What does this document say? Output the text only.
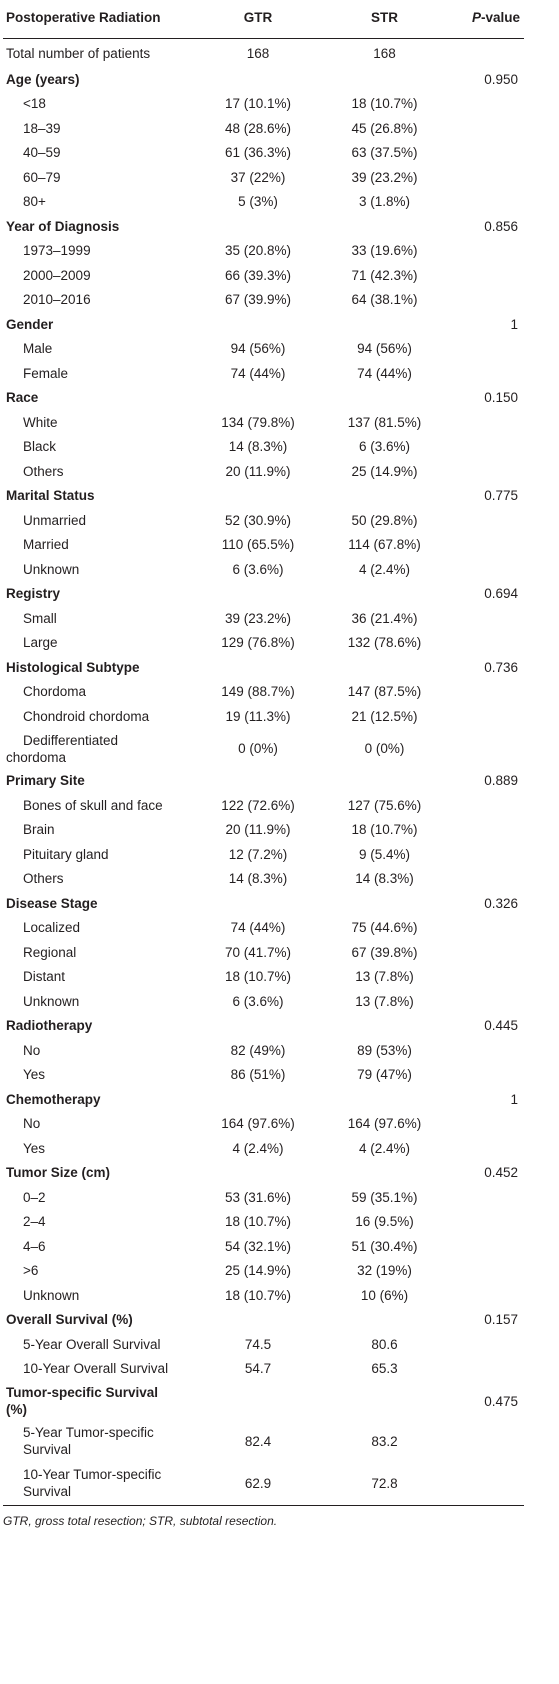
Postoperative Radiation	GTR	STR	P-value
Total number of patients	168	168	
Age (years)			0.950
<18	17 (10.1%)	18 (10.7%)	
18–39	48 (28.6%)	45 (26.8%)	
40–59	61 (36.3%)	63 (37.5%)	
60–79	37 (22%)	39 (23.2%)	
80+	5 (3%)	3 (1.8%)	
Year of Diagnosis			0.856
1973–1999	35 (20.8%)	33 (19.6%)	
2000–2009	66 (39.3%)	71 (42.3%)	
2010–2016	67 (39.9%)	64 (38.1%)	
Gender			1
Male	94 (56%)	94 (56%)	
Female	74 (44%)	74 (44%)	
Race			0.150
White	134 (79.8%)	137 (81.5%)	
Black	14 (8.3%)	6 (3.6%)	
Others	20 (11.9%)	25 (14.9%)	
Marital Status			0.775
Unmarried	52 (30.9%)	50 (29.8%)	
Married	110 (65.5%)	114 (67.8%)	
Unknown	6 (3.6%)	4 (2.4%)	
Registry			0.694
Small	39 (23.2%)	36 (21.4%)	
Large	129 (76.8%)	132 (78.6%)	
Histological Subtype			0.736
Chordoma	149 (88.7%)	147 (87.5%)	
Chondroid chordoma	19 (11.3%)	21 (12.5%)	
Dedifferentiated
chordoma	0 (0%)	0 (0%)	
Primary Site			0.889
Bones of skull and face	122 (72.6%)	127 (75.6%)	
Brain	20 (11.9%)	18 (10.7%)	
Pituitary gland	12 (7.2%)	9 (5.4%)	
Others	14 (8.3%)	14 (8.3%)	
Disease Stage			0.326
Localized	74 (44%)	75 (44.6%)	
Regional	70 (41.7%)	67 (39.8%)	
Distant	18 (10.7%)	13 (7.8%)	
Unknown	6 (3.6%)	13 (7.8%)	
Radiotherapy			0.445
No	82 (49%)	89 (53%)	
Yes	86 (51%)	79 (47%)	
Chemotherapy			1
No	164 (97.6%)	164 (97.6%)	
Yes	4 (2.4%)	4 (2.4%)	
Tumor Size (cm)			0.452
0–2	53 (31.6%)	59 (35.1%)	
2–4	18 (10.7%)	16 (9.5%)	
4–6	54 (32.1%)	51 (30.4%)	
>6	25 (14.9%)	32 (19%)	
Unknown	18 (10.7%)	10 (6%)	
Overall Survival (%)			0.157
5-Year Overall Survival	74.5	80.6	
10-Year Overall Survival	54.7	65.3	
Tumor-specific Survival
(%)			0.475
5-Year Tumor-specific
Survival	82.4	83.2	
10-Year Tumor-specific
Survival	62.9	72.8	
GTR, gross total resection; STR, subtotal resection.
